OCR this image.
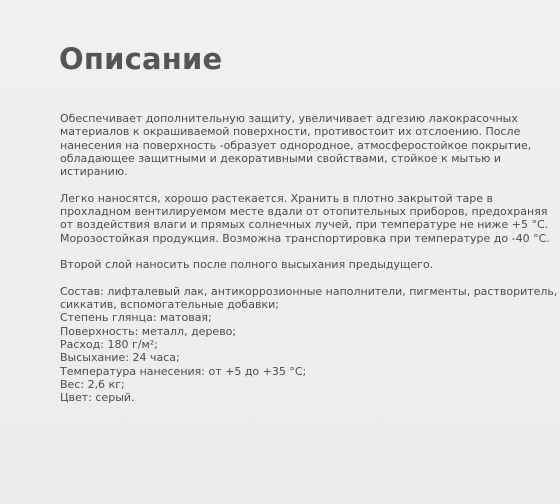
Описание
Обеспечивает дополнительную защиту, увеличивает адгезию лакокрасочных
материалов к окрашиваемой поверхности, противостоит их отслоению. После
нанесения на поверхность -образует однородное, атмосферостойкое покрытие,
обладающее защитными и декоративными свойствами, стойкое к мытью и
истиранию.
Легко наносятся, хорошо растекается. Хранить в плотно закрытой таре в
прохладном вентилируемом месте вдали от отопительных приборов, предохраняя
от воздействия влаги и прямых солнечных лучей, при температуре не ниже +5 °С.
Морозостойкая продукция. Возможна транспортировка при температуре до -40 °С.
Второй слой наносить после полного высыхания предыдущего.
Состав: лифталевый лак, антикоррозионные наполнители, пигменты, растворитель,
сиккатив, вспомогательные добавки;
Степень глянца: матовая;
Поверхность: металл, дерево;
Расход: 180 г/м²;
Высыхание: 24 часа;
Температура нанесения: от +5 до +35 °С;
Вес: 2,6 кг;
Цвет: серый.
